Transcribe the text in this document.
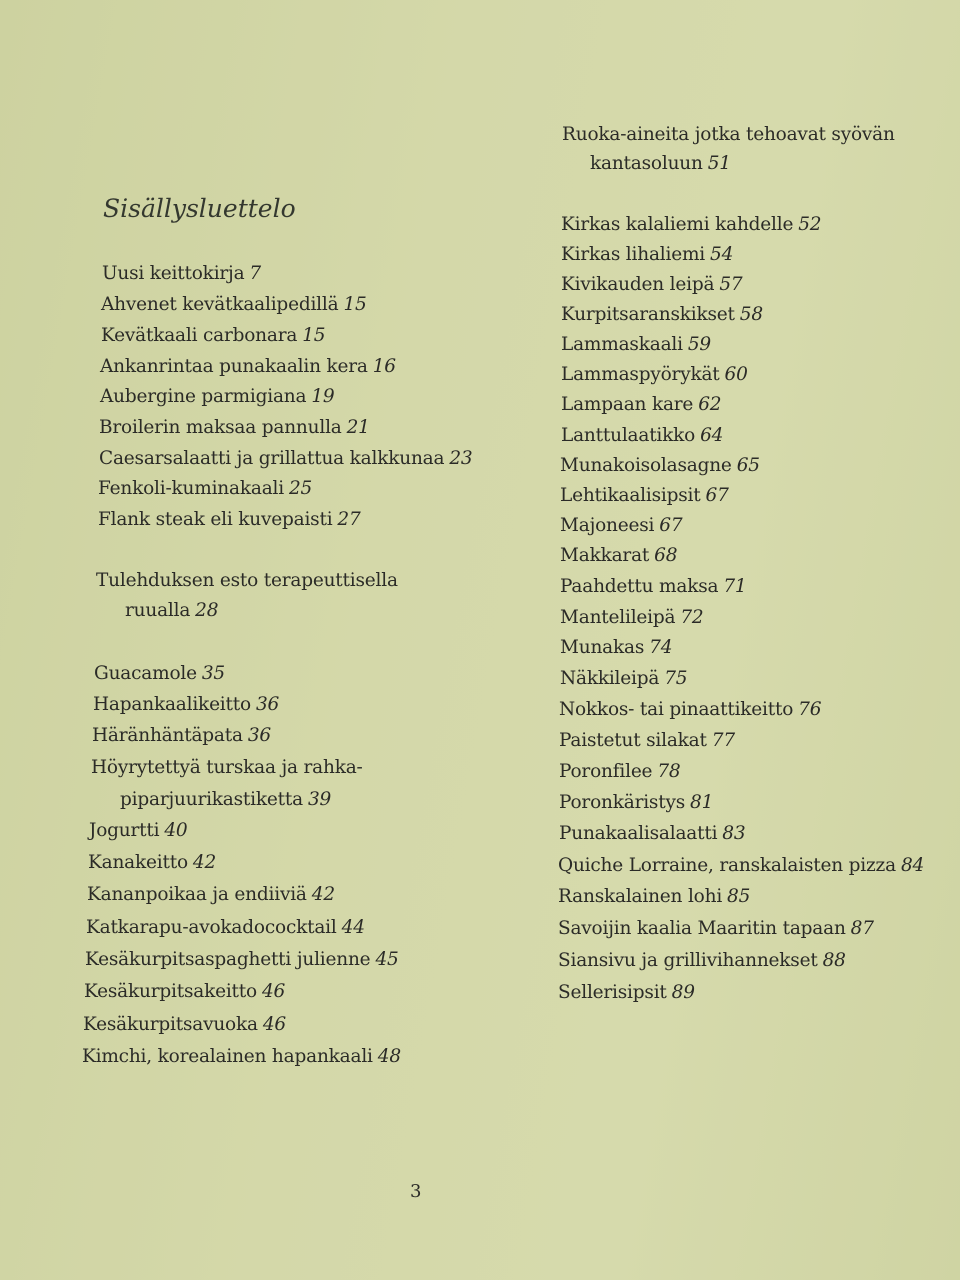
Sisällysluettelo
Uusi keittokirja 7
Ahvenet kevätkaalipedillä 15
Kevätkaali carbonara 15
Ankanrintaa punakaalin kera 16
Aubergine parmigiana 19
Broilerin maksaa pannulla 21
Caesarsalaatti ja grillattua kalkkunaa 23
Fenkoli-kuminakaali 25
Flank steak eli kuvepaisti 27
Tulehduksen esto terapeuttisella
ruualla 28
Guacamole 35
Hapankaalikeitto 36
Häränhäntäpata 36
Höyrytettyä turskaa ja rahka-
piparjuurikastiketta 39
Jogurtti 40
Kanakeitto 42
Kananpoikaa ja endiiviä 42
Katkarapu-avokadococktail 44
Kesäkurpitsaspaghetti julienne 45
Kesäkurpitsakeitto 46
Kesäkurpitsavuoka 46
Kimchi, korealainen hapankaali 48
Ruoka-aineita jotka tehoavat syövän
kantasoluun 51
Kirkas kalaliemi kahdelle 52
Kirkas lihaliemi 54
Kivikauden leipä 57
Kurpitsaranskikset 58
Lammaskaali 59
Lammaspyörykät 60
Lampaan kare 62
Lanttulaatikko 64
Munakoisolasagne 65
Lehtikaalisipsit 67
Majoneesi 67
Makkarat 68
Paahdettu maksa 71
Mantelileipä 72
Munakas 74
Näkkileipä 75
Nokkos- tai pinaattikeitto 76
Paistetut silakat 77
Poronfilee 78
Poronkäristys 81
Punakaalisalaatti 83
Quiche Lorraine, ranskalaisten pizza 84
Ranskalainen lohi 85
Savoijin kaalia Maaritin tapaan 87
Siansivu ja grillivihannekset 88
Sellerisipsit 89
3
